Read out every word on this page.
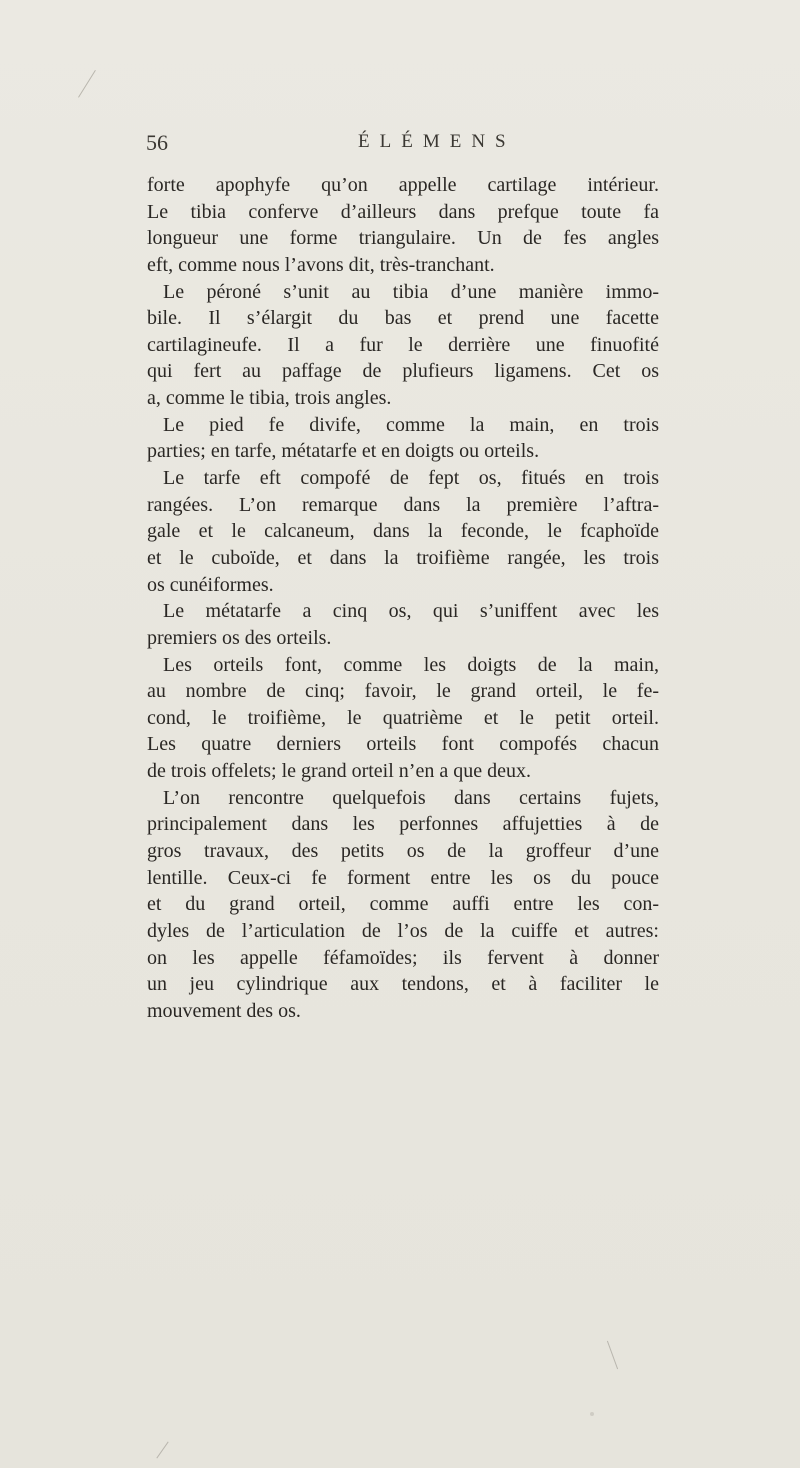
56	ÉLÉMENS
forte apophyfe qu’on appelle cartilage intérieur.
Le tibia conferve d’ailleurs dans prefque toute fa
longueur une forme triangulaire. Un de fes angles
eft, comme nous l’avons dit, très-tranchant.
Le péroné s’unit au tibia d’une manière immo-
bile. Il s’élargit du bas et prend une facette
cartilagineufe. Il a fur le derrière une finuofité
qui fert au paffage de plufieurs ligamens. Cet os
a, comme le tibia, trois angles.
Le pied fe divife, comme la main, en trois
parties; en tarfe, métatarfe et en doigts ou orteils.
Le tarfe eft compofé de fept os, fitués en trois
rangées. L’on remarque dans la première l’aftra-
gale et le calcaneum, dans la feconde, le fcaphoïde
et le cuboïde, et dans la troifième rangée, les trois
os cunéiformes.
Le métatarfe a cinq os, qui s’uniffent avec les
premiers os des orteils.
Les orteils font, comme les doigts de la main,
au nombre de cinq; favoir, le grand orteil, le fe-
cond, le troifième, le quatrième et le petit orteil.
Les quatre derniers orteils font compofés chacun
de trois offelets; le grand orteil n’en a que deux.
L’on rencontre quelquefois dans certains fujets,
principalement dans les perfonnes affujetties à de
gros travaux, des petits os de la groffeur d’une
lentille. Ceux-ci fe forment entre les os du pouce
et du grand orteil, comme auffi entre les con-
dyles de l’articulation de l’os de la cuiffe et autres:
on les appelle féfamoïdes; ils fervent à donner
un jeu cylindrique aux tendons, et à faciliter le
mouvement des os.
